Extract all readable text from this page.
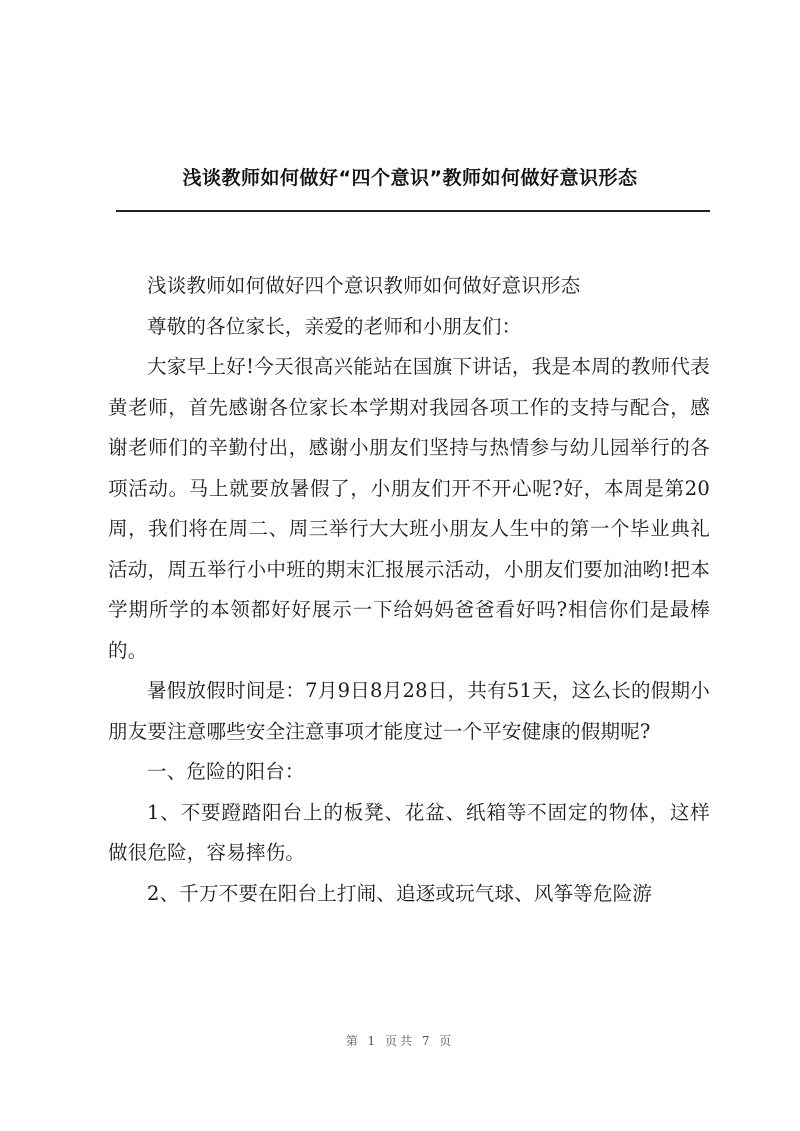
浅谈教师如何做好“四个意识”教师如何做好意识形态

浅谈教师如何做好四个意识教师如何做好意识形态

尊敬的各位家长，亲爱的老师和小朋友们：

大家早上好!今天很高兴能站在国旗下讲话，我是本周的教师代表黄老师，首先感谢各位家长本学期对我园各项工作的支持与配合，感谢老师们的辛勤付出，感谢小朋友们坚持与热情参与幼儿园举行的各项活动。马上就要放暑假了，小朋友们开不开心呢?好，本周是第20周，我们将在周二、周三举行大大班小朋友人生中的第一个毕业典礼活动，周五举行小中班的期末汇报展示活动，小朋友们要加油哟!把本学期所学的本领都好好展示一下给妈妈爸爸看好吗?相信你们是最棒的。

暑假放假时间是：7月9日8月28日，共有51天，这么长的假期小朋友要注意哪些安全注意事项才能度过一个平安健康的假期呢?

一、危险的阳台：

1、不要蹬踏阳台上的板凳、花盆、纸箱等不固定的物体，这样做很危险，容易摔伤。

2、千万不要在阳台上打闹、追逐或玩气球、风筝等危险游

第 1 页共 7 页
